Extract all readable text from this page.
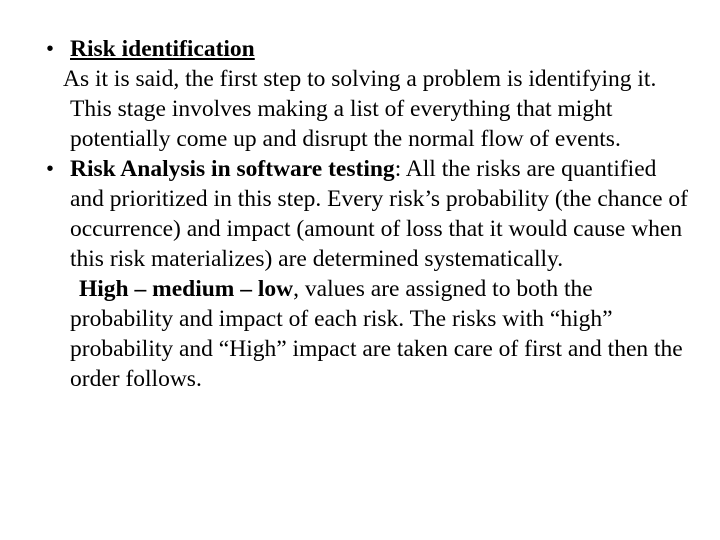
• Risk identification

As it is said, the first step to solving a problem is identifying it. This stage involves making a list of everything that might potentially come up and disrupt the normal flow of events.

• Risk Analysis in software testing: All the risks are quantified and prioritized in this step. Every risk’s probability (the chance of occurrence) and impact (amount of loss that it would cause when this risk materializes) are determined systematically.

High – medium – low, values are assigned to both the probability and impact of each risk. The risks with “high” probability and “High” impact are taken care of first and then the order follows.
